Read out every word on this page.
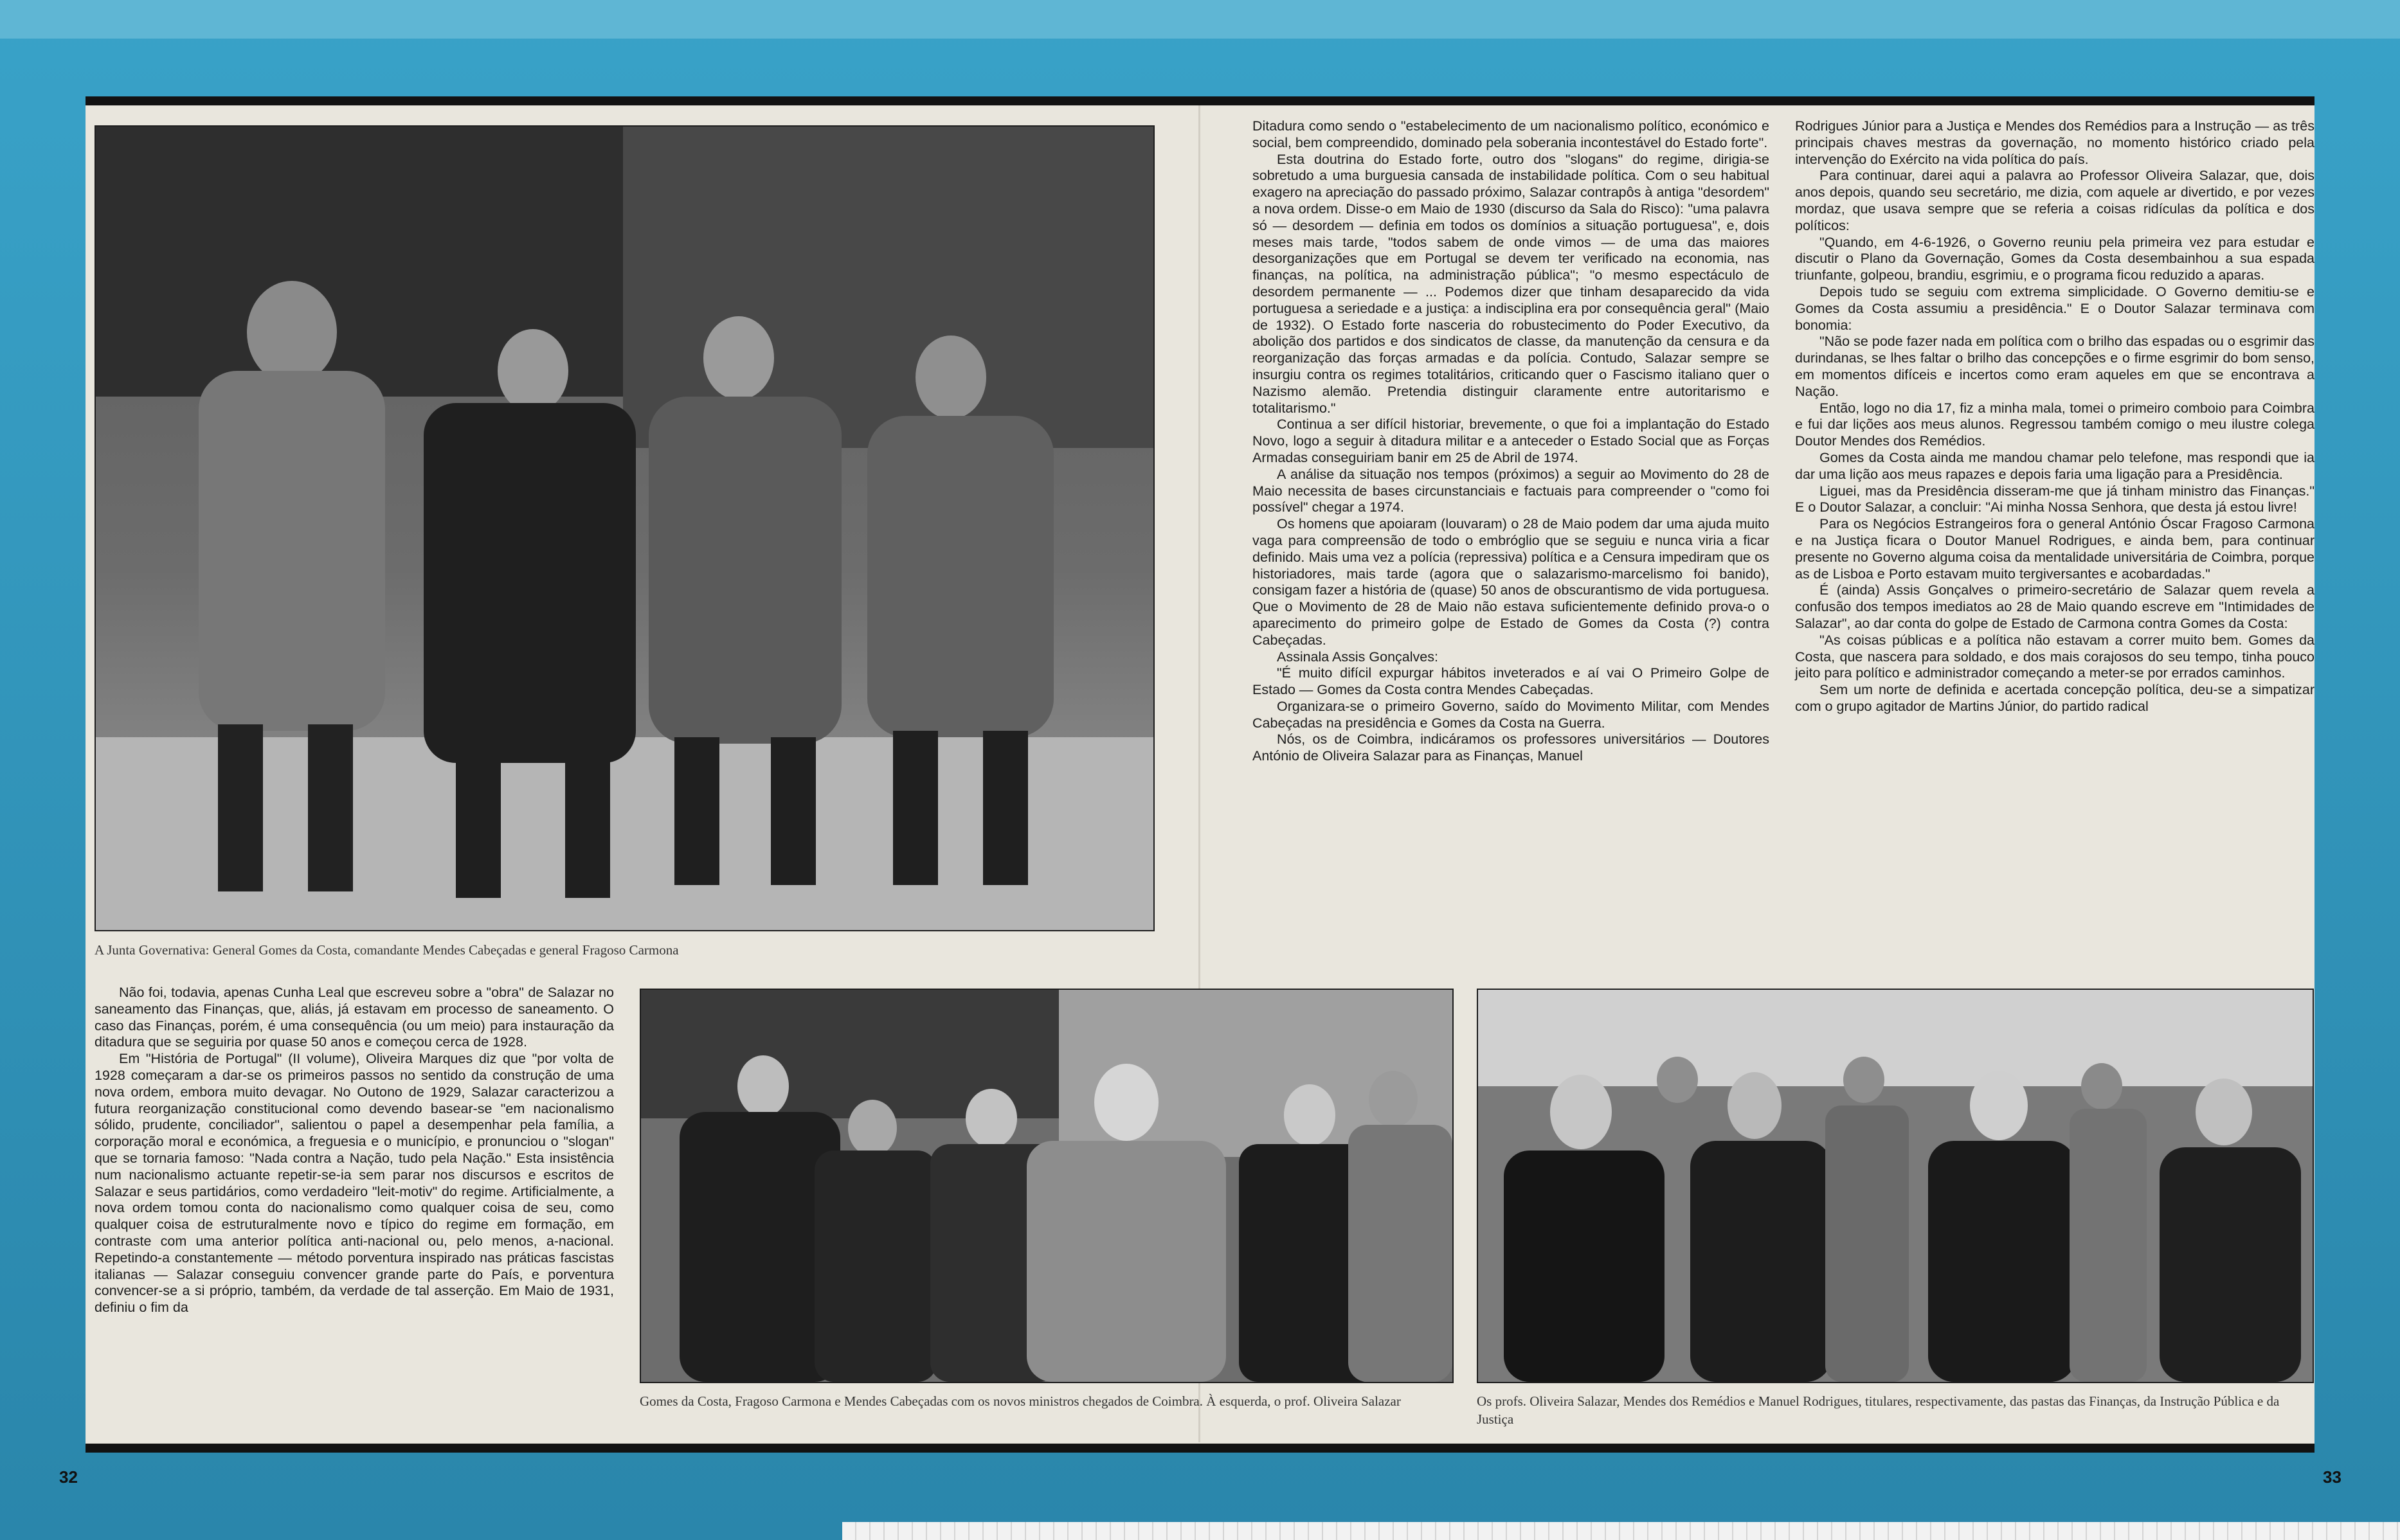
A Junta Governativa: General Gomes da Costa, comandante Mendes Cabeçadas e general Fragoso Carmona
Gomes da Costa, Fragoso Carmona e Mendes Cabeçadas com os novos ministros chegados de Coimbra. À esquerda, o prof. Oliveira Salazar	Os profs. Oliveira Salazar, Mendes dos Remédios e Manuel Rodrigues, titulares, respectivamente, das pastas das Finanças, da Instrução Pública e da Justiça

Não foi, todavia, apenas Cunha Leal que escreveu sobre a "obra" de Salazar no saneamento das Finanças, que, aliás, já estavam em processo de saneamento. O caso das Finanças, porém, é uma consequência (ou um meio) para instauração da ditadura que se seguiria por quase 50 anos e começou cerca de 1928.

Em "História de Portugal" (II volume), Oliveira Marques diz que "por volta de 1928 começaram a dar-se os primeiros passos no sentido da construção de uma nova ordem, embora muito devagar. No Outono de 1929, Salazar caracterizou a futura reorganização constitucional como devendo basear-se "em nacionalismo sólido, prudente, conciliador", salientou o papel a desempenhar pela família, a corporação moral e económica, a freguesia e o município, e pronunciou o "slogan" que se tornaria famoso: "Nada contra a Nação, tudo pela Nação." Esta insistência num nacionalismo actuante repetir-se-ia sem parar nos discursos e escritos de Salazar e seus partidários, como verdadeiro "leit-motiv" do regime. Artificialmente, a nova ordem tomou conta do nacionalismo como qualquer coisa de seu, como qualquer coisa de estruturalmente novo e típico do regime em formação, em contraste com uma anterior política anti-nacional ou, pelo menos, a-nacional. Repetindo-a constantemente — método porventura inspirado nas práticas fascistas italianas — Salazar conseguiu convencer grande parte do País, e porventura convencer-se a si próprio, também, da verdade de tal asserção. Em Maio de 1931, definiu o fim da

Ditadura como sendo o "estabelecimento de um nacionalismo político, económico e social, bem compreendido, dominado pela soberania incontestável do Estado forte".

Esta doutrina do Estado forte, outro dos "slogans" do regime, dirigia-se sobretudo a uma burguesia cansada de instabilidade política. Com o seu habitual exagero na apreciação do passado próximo, Salazar contrapôs à antiga "desordem" a nova ordem. Disse-o em Maio de 1930 (discurso da Sala do Risco): "uma palavra só — desordem — definia em todos os domínios a situação portuguesa", e, dois meses mais tarde, "todos sabem de onde vimos — de uma das maiores desorganizações que em Portugal se devem ter verificado na economia, nas finanças, na política, na administração pública"; "o mesmo espectáculo de desordem permanente — ... Podemos dizer que tinham desaparecido da vida portuguesa a seriedade e a justiça: a indisciplina era por consequência geral" (Maio de 1932). O Estado forte nasceria do robustecimento do Poder Executivo, da abolição dos partidos e dos sindicatos de classe, da manutenção da censura e da reorganização das forças armadas e da polícia. Contudo, Salazar sempre se insurgiu contra os regimes totalitários, criticando quer o Fascismo italiano quer o Nazismo alemão. Pretendia distinguir claramente entre autoritarismo e totalitarismo."

Continua a ser difícil historiar, brevemente, o que foi a implantação do Estado Novo, logo a seguir à ditadura militar e a anteceder o Estado Social que as Forças Armadas conseguiriam banir em 25 de Abril de 1974.

A análise da situação nos tempos (próximos) a seguir ao Movimento do 28 de Maio necessita de bases circunstanciais e factuais para compreender o "como foi possível" chegar a 1974.

Os homens que apoiaram (louvaram) o 28 de Maio podem dar uma ajuda muito vaga para compreensão de todo o embróglio que se seguiu e nunca viria a ficar definido. Mais uma vez a polícia (repressiva) política e a Censura impediram que os historiadores, mais tarde (agora que o salazarismo-marcelismo foi banido), consigam fazer a história de (quase) 50 anos de obscurantismo de vida portuguesa. Que o Movimento de 28 de Maio não estava suficientemente definido prova-o o aparecimento do primeiro golpe de Estado de Gomes da Costa (?) contra Cabeçadas.

Assinala Assis Gonçalves:

"É muito difícil expurgar hábitos inveterados e aí vai O Primeiro Golpe de Estado — Gomes da Costa contra Mendes Cabeçadas.

Organizara-se o primeiro Governo, saído do Movimento Militar, com Mendes Cabeçadas na presidência e Gomes da Costa na Guerra.

Nós, os de Coimbra, indicáramos os professores universitários — Doutores António de Oliveira Salazar para as Finanças, Manuel

Rodrigues Júnior para a Justiça e Mendes dos Remédios para a Instrução — as três principais chaves mestras da governação, no momento histórico criado pela intervenção do Exército na vida política do país.

Para continuar, darei aqui a palavra ao Professor Oliveira Salazar, que, dois anos depois, quando seu secretário, me dizia, com aquele ar divertido, e por vezes mordaz, que usava sempre que se referia a coisas ridículas da política e dos políticos:

"Quando, em 4-6-1926, o Governo reuniu pela primeira vez para estudar e discutir o Plano da Governação, Gomes da Costa desembainhou a sua espada triunfante, golpeou, brandiu, esgrimiu, e o programa ficou reduzido a aparas.

Depois tudo se seguiu com extrema simplicidade. O Governo demitiu-se e Gomes da Costa assumiu a presidência." E o Doutor Salazar terminava com bonomia:

"Não se pode fazer nada em política com o brilho das espadas ou o esgrimir das durindanas, se lhes faltar o brilho das concepções e o firme esgrimir do bom senso, em momentos difíceis e incertos como eram aqueles em que se encontrava a Nação.

Então, logo no dia 17, fiz a minha mala, tomei o primeiro comboio para Coimbra e fui dar lições aos meus alunos. Regressou também comigo o meu ilustre colega Doutor Mendes dos Remédios.

Gomes da Costa ainda me mandou chamar pelo telefone, mas respondi que ia dar uma lição aos meus rapazes e depois faria uma ligação para a Presidência.

Liguei, mas da Presidência disseram-me que já tinham ministro das Finanças." E o Doutor Salazar, a concluir: "Ai minha Nossa Senhora, que desta já estou livre!

Para os Negócios Estrangeiros fora o general António Óscar Fragoso Carmona e na Justiça ficara o Doutor Manuel Rodrigues, e ainda bem, para continuar presente no Governo alguma coisa da mentalidade universitária de Coimbra, porque as de Lisboa e Porto estavam muito tergiversantes e acobardadas."

É (ainda) Assis Gonçalves o primeiro-secretário de Salazar quem revela a confusão dos tempos imediatos ao 28 de Maio quando escreve em "Intimidades de Salazar", ao dar conta do golpe de Estado de Carmona contra Gomes da Costa:

"As coisas públicas e a política não estavam a correr muito bem. Gomes da Costa, que nascera para soldado, e dos mais corajosos do seu tempo, tinha pouco jeito para político e administrador começando a meter-se por errados caminhos.

Sem um norte de definida e acertada concepção política, deu-se a simpatizar com o grupo agitador de Martins Júnior, do partido radical

32	33
